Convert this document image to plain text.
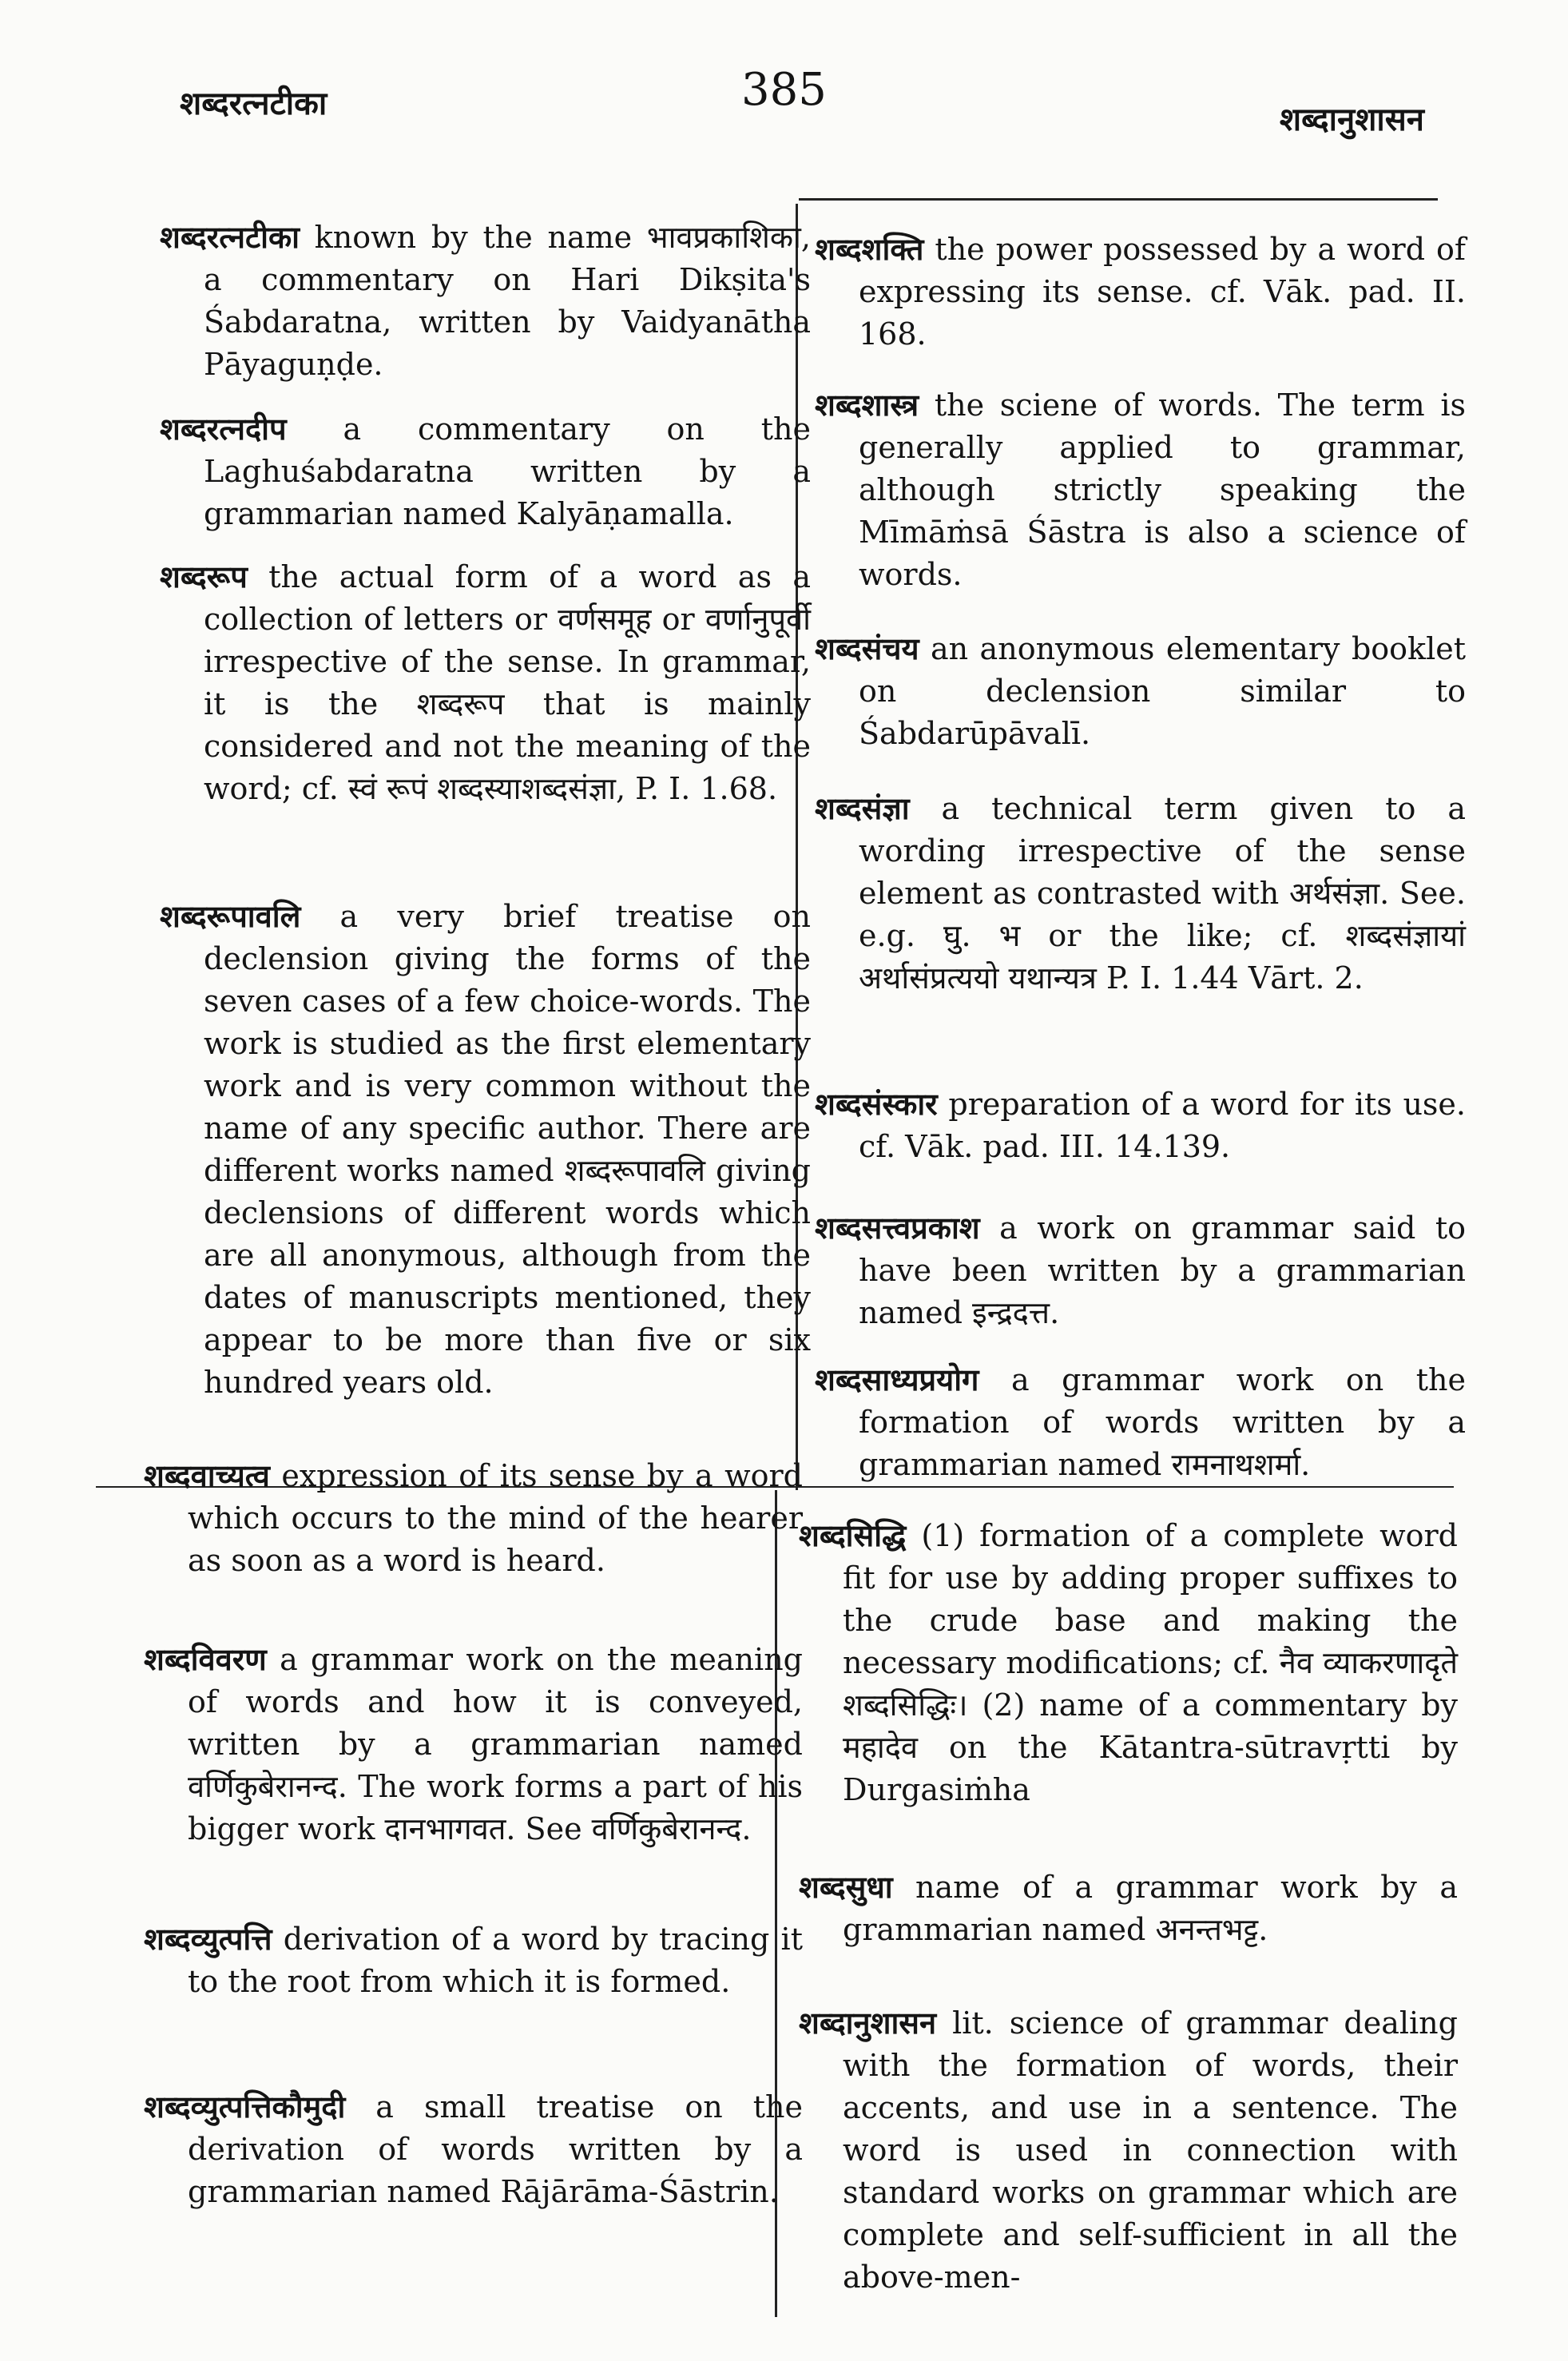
शब्दरत्नटीका	385
शब्दानुशासन
शब्दरत्नटीका known by the name भावप्रकाशिका, a commentary on Hari Dikṣita's Śabdaratna, written by Vaidyanātha Pāyaguṇḍe.
शब्दरत्नदीप a commentary on the Laghuśabdaratna written by a grammarian named Kalyāṇamalla.
शब्दरूप the actual form of a word as a collection of letters or वर्णसमूह or वर्णानुपूर्वी irrespective of the sense. In grammar, it is the शब्दरूप that is mainly considered and not the meaning of the word; cf. स्वं रूपं शब्दस्याशब्दसंज्ञा, P. I. 1.68.
शब्दरूपावलि a very brief treatise on declension giving the forms of the seven cases of a few choice-words. The work is studied as the first elementary work and is very common without the name of any specific author. There are different works named शब्दरूपावलि giving declensions of different words which are all anonymous, although from the dates of manuscripts mentioned, they appear to be more than five or six hundred years old.
शब्दवाच्यत्व expression of its sense by a word which occurs to the mind of the hearer as soon as a word is heard.
शब्दविवरण a grammar work on the meaning of words and how it is conveyed, written by a grammarian named वर्णिकुबेरानन्द. The work forms a part of his bigger work दानभागवत. See वर्णिकुबेरानन्द.
शब्दव्युत्पत्ति derivation of a word by tracing it to the root from which it is formed.
शब्दव्युत्पत्तिकौमुदी a small treatise on the derivation of words written by a grammarian named Rājārāma-Śāstrin.
शब्दशक्ति the power possessed by a word of expressing its sense. cf. Vāk. pad. II. 168.
शब्दशास्त्र the sciene of words. The term is generally applied to grammar, although strictly speaking the Mīmāṁsā Śāstra is also a science of words.
शब्दसंचय an anonymous elementary booklet on declension similar to Śabdarūpāvalī.
शब्दसंज्ञा a technical term given to a wording irrespective of the sense element as contrasted with अर्थसंज्ञा. See. e.g. घु. भ or the like; cf. शब्दसंज्ञायां अर्थासंप्रत्ययो यथान्यत्र P. I. 1.44 Vārt. 2.
शब्दसंस्कार preparation of a word for its use. cf. Vāk. pad. III. 14.139.
शब्दसत्त्वप्रकाश a work on grammar said to have been written by a grammarian named इन्द्रदत्त.
शब्दसाध्यप्रयोग a grammar work on the formation of words written by a grammarian named रामनाथशर्मा.
शब्दसिद्धि (1) formation of a complete word fit for use by adding proper suffixes to the crude base and making the necessary modifications; cf. नैव व्याकरणादृते शब्दसिद्धिः। (2) name of a commentary by महादेव on the Kātantra-sūtravṛtti by Durgasiṁha
शब्दसुधा name of a grammar work by a grammarian named अनन्तभट्ट.
शब्दानुशासन lit. science of grammar dealing with the formation of words, their accents, and use in a sentence. The word is used in connection with standard works on grammar which are complete and self-sufficient in all the above-men-
